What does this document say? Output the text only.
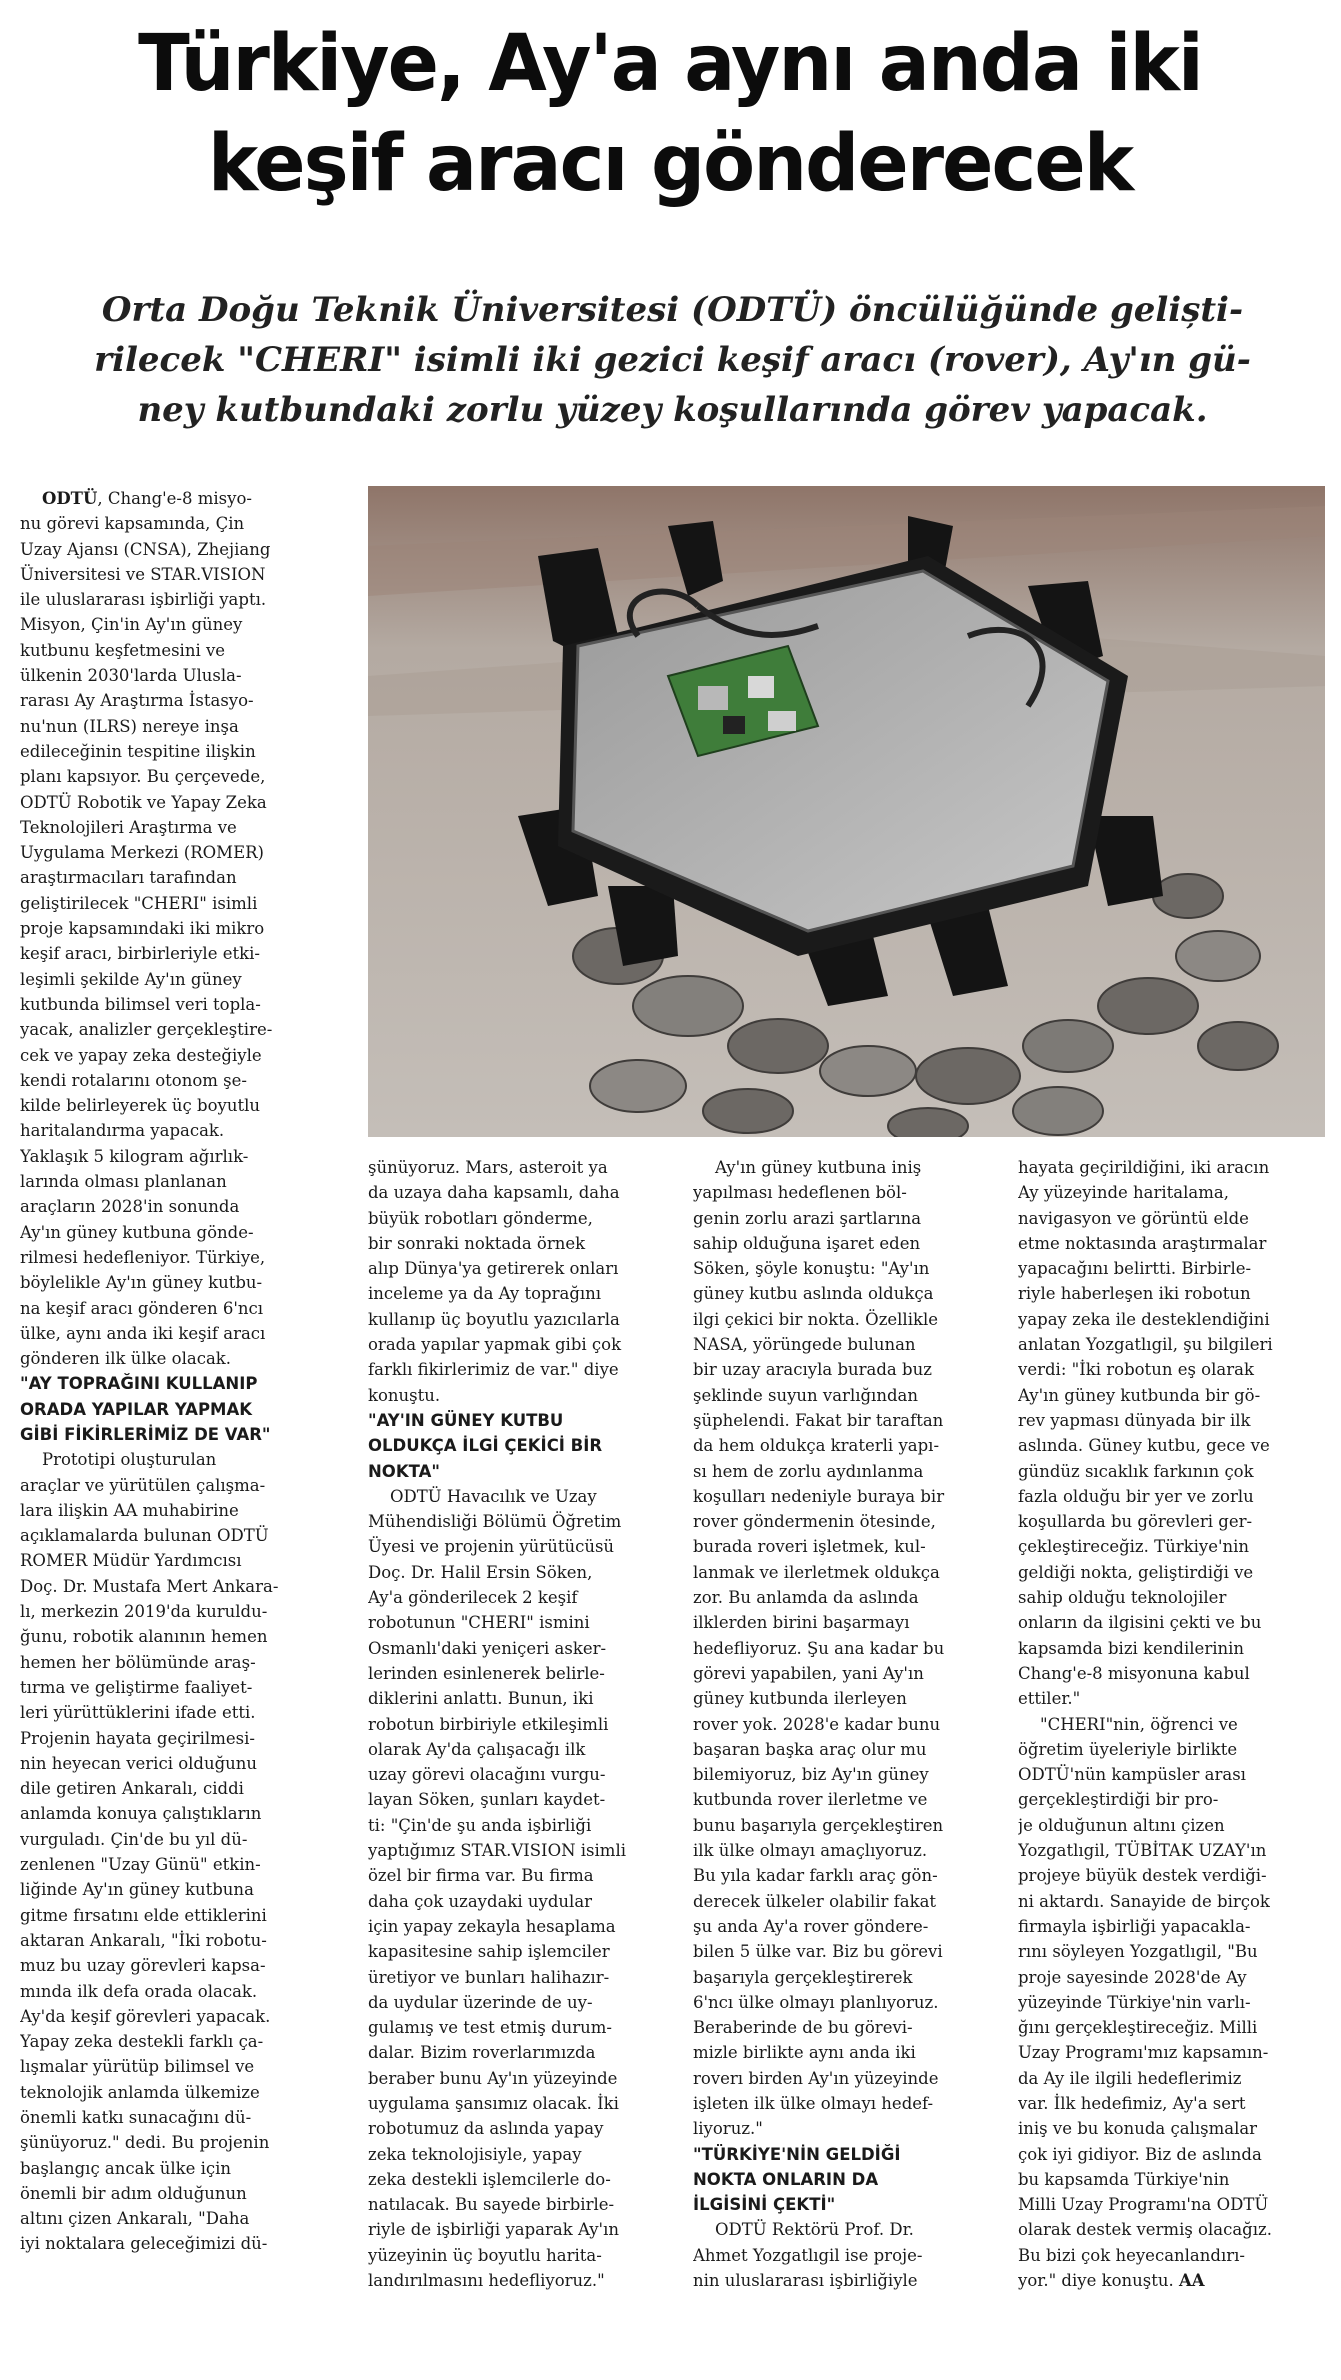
Türkiye, Ay'a aynı anda iki
keşif aracı gönderecek

Orta Doğu Teknik Üniversitesi (ODTÜ) öncülüğünde geliști-
rilecek "CHERI" isimli iki gezici keşif aracı (rover), Ay'ın gü-
ney kutbundaki zorlu yüzey koşullarında görev yapacak.

ODTÜ, Chang'e-8 misyo-
nu görevi kapsamında, Çin
Uzay Ajansı (CNSA), Zhejiang
Üniversitesi ve STAR.VISION
ile uluslararası işbirliği yaptı.
Misyon, Çin'in Ay'ın güney
kutbunu keşfetmesini ve
ülkenin 2030'larda Ulusla-
rarası Ay Araştırma İstasyo-
nu'nun (ILRS) nereye inşa
edileceğinin tespitine ilişkin
planı kapsıyor. Bu çerçevede,
ODTÜ Robotik ve Yapay Zeka
Teknolojileri Araştırma ve
Uygulama Merkezi (ROMER)
araştırmacıları tarafından
geliştirilecek "CHERI" isimli
proje kapsamındaki iki mikro
keşif aracı, birbirleriyle etki-
leşimli şekilde Ay'ın güney
kutbunda bilimsel veri topla-
yacak, analizler gerçekleştire-
cek ve yapay zeka desteğiyle
kendi rotalarını otonom şe-
kilde belirleyerek üç boyutlu
haritalandırma yapacak.
Yaklaşık 5 kilogram ağırlık-
larında olması planlanan
araçların 2028'in sonunda
Ay'ın güney kutbuna gönde-
rilmesi hedefleniyor. Türkiye,
böylelikle Ay'ın güney kutbu-
na keşif aracı gönderen 6'ncı
ülke, aynı anda iki keşif aracı
gönderen ilk ülke olacak.
"AY TOPRAĞINI KULLANIP
ORADA YAPILAR YAPMAK
GİBİ FİKİRLERİMİZ DE VAR"
Prototipi oluşturulan
araçlar ve yürütülen çalışma-
lara ilişkin AA muhabirine
açıklamalarda bulunan ODTÜ
ROMER Müdür Yardımcısı
Doç. Dr. Mustafa Mert Ankara-
lı, merkezin 2019'da kuruldu-
ğunu, robotik alanının hemen
hemen her bölümünde araş-
tırma ve geliştirme faaliyet-
leri yürüttüklerini ifade etti.
Projenin hayata geçirilmesi-
nin heyecan verici olduğunu
dile getiren Ankaralı, ciddi
anlamda konuya çalıştıkların
vurguladı. Çin'de bu yıl dü-
zenlenen "Uzay Günü" etkin-
liğinde Ay'ın güney kutbuna
gitme fırsatını elde ettiklerini
aktaran Ankaralı, "İki robotu-
muz bu uzay görevleri kapsa-
mında ilk defa orada olacak.
Ay'da keşif görevleri yapacak.
Yapay zeka destekli farklı ça-
lışmalar yürütüp bilimsel ve
teknolojik anlamda ülkemize
önemli katkı sunacağını dü-
şünüyoruz." dedi. Bu projenin
başlangıç ancak ülke için
önemli bir adım olduğunun
altını çizen Ankaralı, "Daha
iyi noktalara geleceğimizi dü-
şünüyoruz. Mars, asteroit ya
da uzaya daha kapsamlı, daha
büyük robotları gönderme,
bir sonraki noktada örnek
alıp Dünya'ya getirerek onları
inceleme ya da Ay toprağını
kullanıp üç boyutlu yazıcılarla
orada yapılar yapmak gibi çok
farklı fikirlerimiz de var." diye
konuştu.
"AY'IN GÜNEY KUTBU
OLDUKÇA İLGİ ÇEKİCİ BİR
NOKTA"
ODTÜ Havacılık ve Uzay
Mühendisliği Bölümü Öğretim
Üyesi ve projenin yürütücüsü
Doç. Dr. Halil Ersin Söken,
Ay'a gönderilecek 2 keşif
robotunun "CHERI" ismini
Osmanlı'daki yeniçeri asker-
lerinden esinlenerek belirle-
diklerini anlattı. Bunun, iki
robotun birbiriyle etkileşimli
olarak Ay'da çalışacağı ilk
uzay görevi olacağını vurgu-
layan Söken, şunları kaydet-
ti: "Çin'de şu anda işbirliği
yaptığımız STAR.VISION isimli
özel bir firma var. Bu firma
daha çok uzaydaki uydular
için yapay zekayla hesaplama
kapasitesine sahip işlemciler
üretiyor ve bunları halihazır-
da uydular üzerinde de uy-
gulamış ve test etmiş durum-
dalar. Bizim roverlarımızda
beraber bunu Ay'ın yüzeyinde
uygulama şansımız olacak. İki
robotumuz da aslında yapay
zeka teknolojisiyle, yapay
zeka destekli işlemcilerle do-
natılacak. Bu sayede birbirle-
riyle de işbirliği yaparak Ay'ın
yüzeyinin üç boyutlu harita-
landırılmasını hedefliyoruz."
Ay'ın güney kutbuna iniş
yapılması hedeflenen böl-
genin zorlu arazi şartlarına
sahip olduğuna işaret eden
Söken, şöyle konuştu: "Ay'ın
güney kutbu aslında oldukça
ilgi çekici bir nokta. Özellikle
NASA, yörüngede bulunan
bir uzay aracıyla burada buz
şeklinde suyun varlığından
şüphelendi. Fakat bir taraftan
da hem oldukça kraterli yapı-
sı hem de zorlu aydınlanma
koşulları nedeniyle buraya bir
rover göndermenin ötesinde,
burada roveri işletmek, kul-
lanmak ve ilerletmek oldukça
zor. Bu anlamda da aslında
ilklerden birini başarmayı
hedefliyoruz. Şu ana kadar bu
görevi yapabilen, yani Ay'ın
güney kutbunda ilerleyen
rover yok. 2028'e kadar bunu
başaran başka araç olur mu
bilemiyoruz, biz Ay'ın güney
kutbunda rover ilerletme ve
bunu başarıyla gerçekleştiren
ilk ülke olmayı amaçlıyoruz.
Bu yıla kadar farklı araç gön-
derecek ülkeler olabilir fakat
şu anda Ay'a rover göndere-
bilen 5 ülke var. Biz bu görevi
başarıyla gerçekleştirerek
6'ncı ülke olmayı planlıyoruz.
Beraberinde de bu görevi-
mizle birlikte aynı anda iki
roverı birden Ay'ın yüzeyinde
işleten ilk ülke olmayı hedef-
liyoruz."
"TÜRKİYE'NİN GELDİĞİ
NOKTA ONLARIN DA
İLGİSİNİ ÇEKTİ"
ODTÜ Rektörü Prof. Dr.
Ahmet Yozgatlıgil ise proje-
nin uluslararası işbirliğiyle
hayata geçirildiğini, iki aracın
Ay yüzeyinde haritalama,
navigasyon ve görüntü elde
etme noktasında araştırmalar
yapacağını belirtti. Birbirle-
riyle haberleşen iki robotun
yapay zeka ile desteklendiğini
anlatan Yozgatlıgil, şu bilgileri
verdi: "İki robotun eş olarak
Ay'ın güney kutbunda bir gö-
rev yapması dünyada bir ilk
aslında. Güney kutbu, gece ve
gündüz sıcaklık farkının çok
fazla olduğu bir yer ve zorlu
koşullarda bu görevleri ger-
çekleştireceğiz. Türkiye'nin
geldiği nokta, geliştirdiği ve
sahip olduğu teknolojiler
onların da ilgisini çekti ve bu
kapsamda bizi kendilerinin
Chang'e-8 misyonuna kabul
ettiler."
"CHERI"nin, öğrenci ve
öğretim üyeleriyle birlikte
ODTÜ'nün kampüsler arası
gerçekleştirdiği bir pro-
je olduğunun altını çizen
Yozgatlıgil, TÜBİTAK UZAY'ın
projeye büyük destek verdiği-
ni aktardı. Sanayide de birçok
firmayla işbirliği yapacakla-
rını söyleyen Yozgatlıgil, "Bu
proje sayesinde 2028'de Ay
yüzeyinde Türkiye'nin varlı-
ğını gerçekleştireceğiz. Milli
Uzay Programı'mız kapsamın-
da Ay ile ilgili hedeflerimiz
var. İlk hedefimiz, Ay'a sert
iniş ve bu konuda çalışmalar
çok iyi gidiyor. Biz de aslında
bu kapsamda Türkiye'nin
Milli Uzay Programı'na ODTÜ
olarak destek vermiş olacağız.
Bu bizi çok heyecanlandırı-
yor." diye konuştu. AA
